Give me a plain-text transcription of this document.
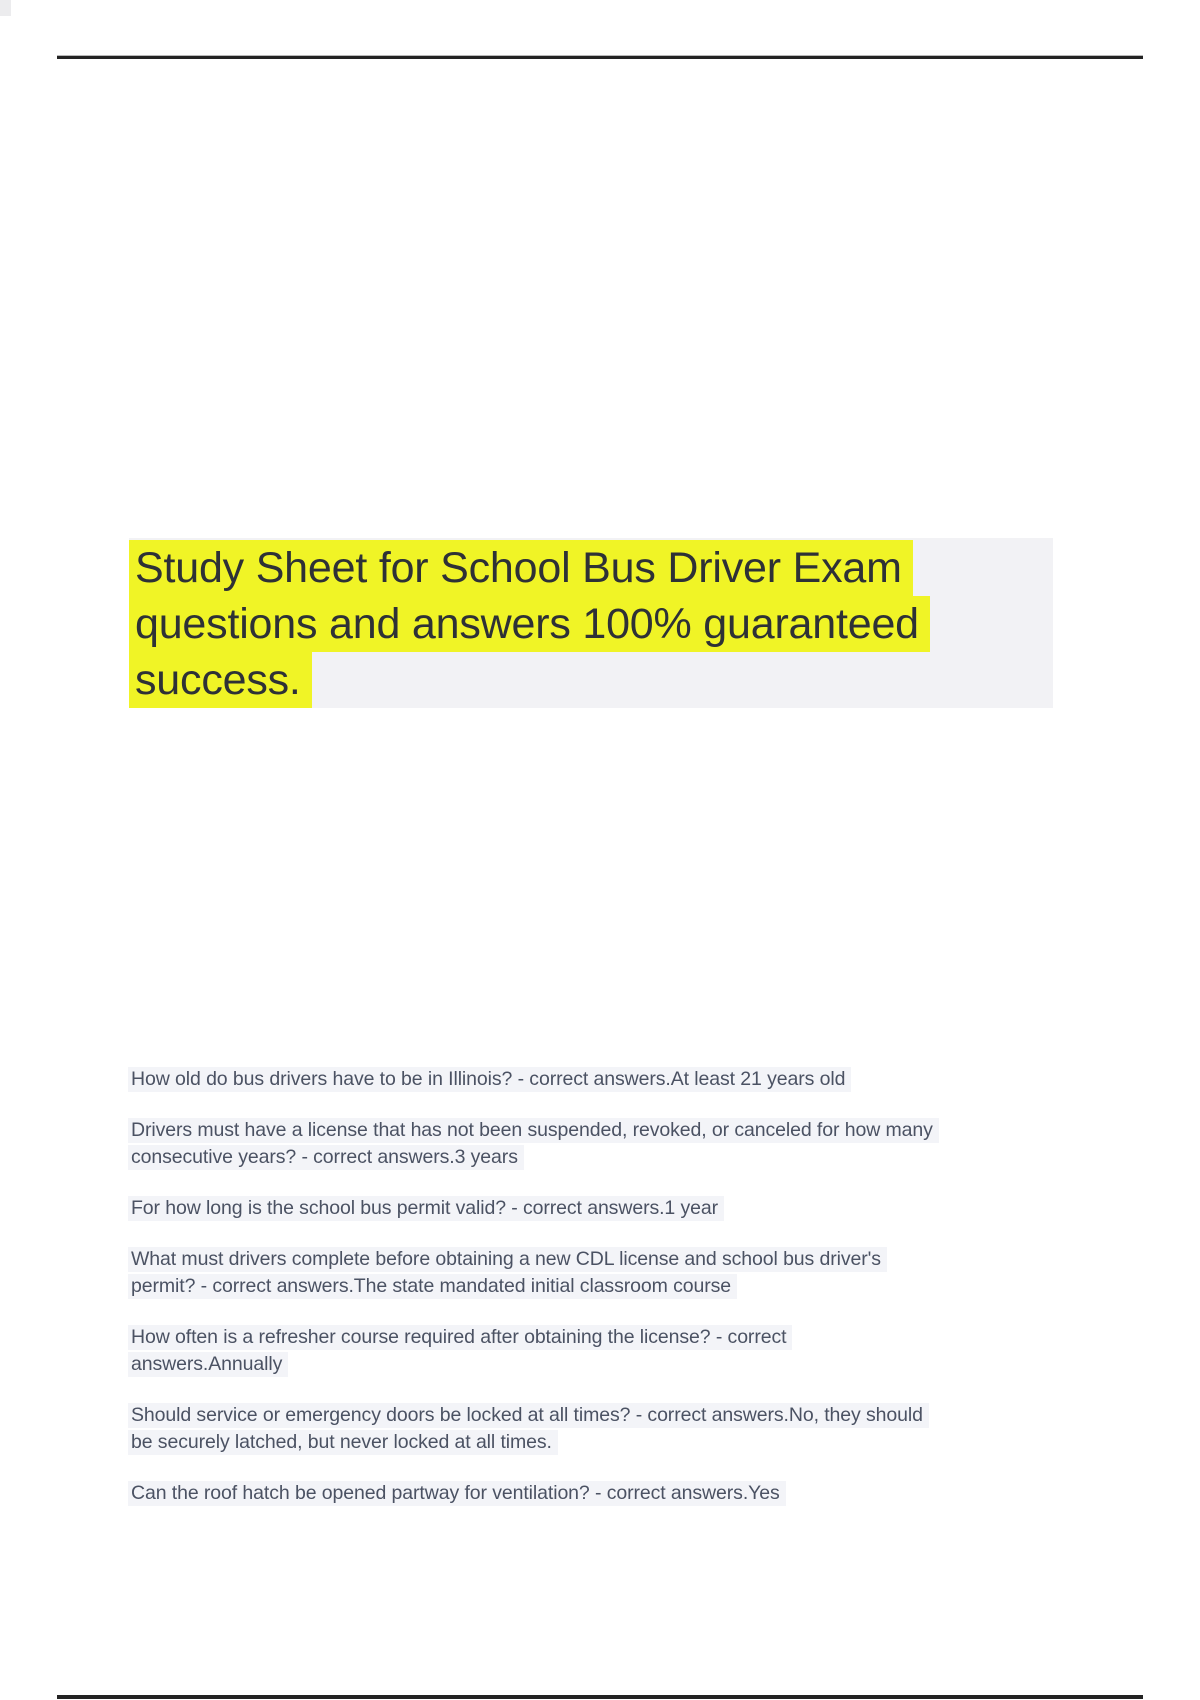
Study Sheet for School Bus Driver Exam
questions and answers 100% guaranteed
success.

How old do bus drivers have to be in Illinois? - correct answers.At least 21 years old

Drivers must have a license that has not been suspended, revoked, or canceled for how many
consecutive years? - correct answers.3 years

For how long is the school bus permit valid? - correct answers.1 year

What must drivers complete before obtaining a new CDL license and school bus driver's
permit? - correct answers.The state mandated initial classroom course

How often is a refresher course required after obtaining the license? - correct
answers.Annually

Should service or emergency doors be locked at all times? - correct answers.No, they should
be securely latched, but never locked at all times.

Can the roof hatch be opened partway for ventilation? - correct answers.Yes
